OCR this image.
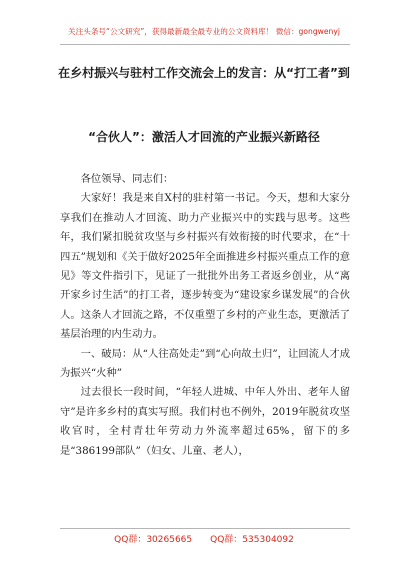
关注头条号“公文研究”，获得最新最全最专业的公文资料库！ 微信：gongwenyj
在乡村振兴与驻村工作交流会上的发言：从“打工者”到
“合伙人”：激活人才回流的产业振兴新路径

各位领导、同志们：

大家好！我是来自X村的驻村第一书记。今天，想和大家分享我们在推动人才回流、助力产业振兴中的实践与思考。这些年，我们紧扣脱贫攻坚与乡村振兴有效衔接的时代要求，在“十四五”规划和《关于做好2025年全面推进乡村振兴重点工作的意见》等文件指引下，见证了一批批外出务工者返乡创业，从“离开家乡讨生活”的打工者，逐步转变为“建设家乡谋发展”的合伙人。这条人才回流之路，不仅重塑了乡村的产业生态，更激活了基层治理的内生动力。

一、破局：从“人往高处走”到“心向故土归”，让回流人才成为振兴“火种”

过去很长一段时间，“年轻人进城、中年人外出、老年人留守”是许多乡村的真实写照。我们村也不例外，2019年脱贫攻坚收官时，全村青壮年劳动力外流率超过65%，留下的多是“386199部队”（妇女、儿童、老人），

QQ群：30265665 QQ群：535304092
